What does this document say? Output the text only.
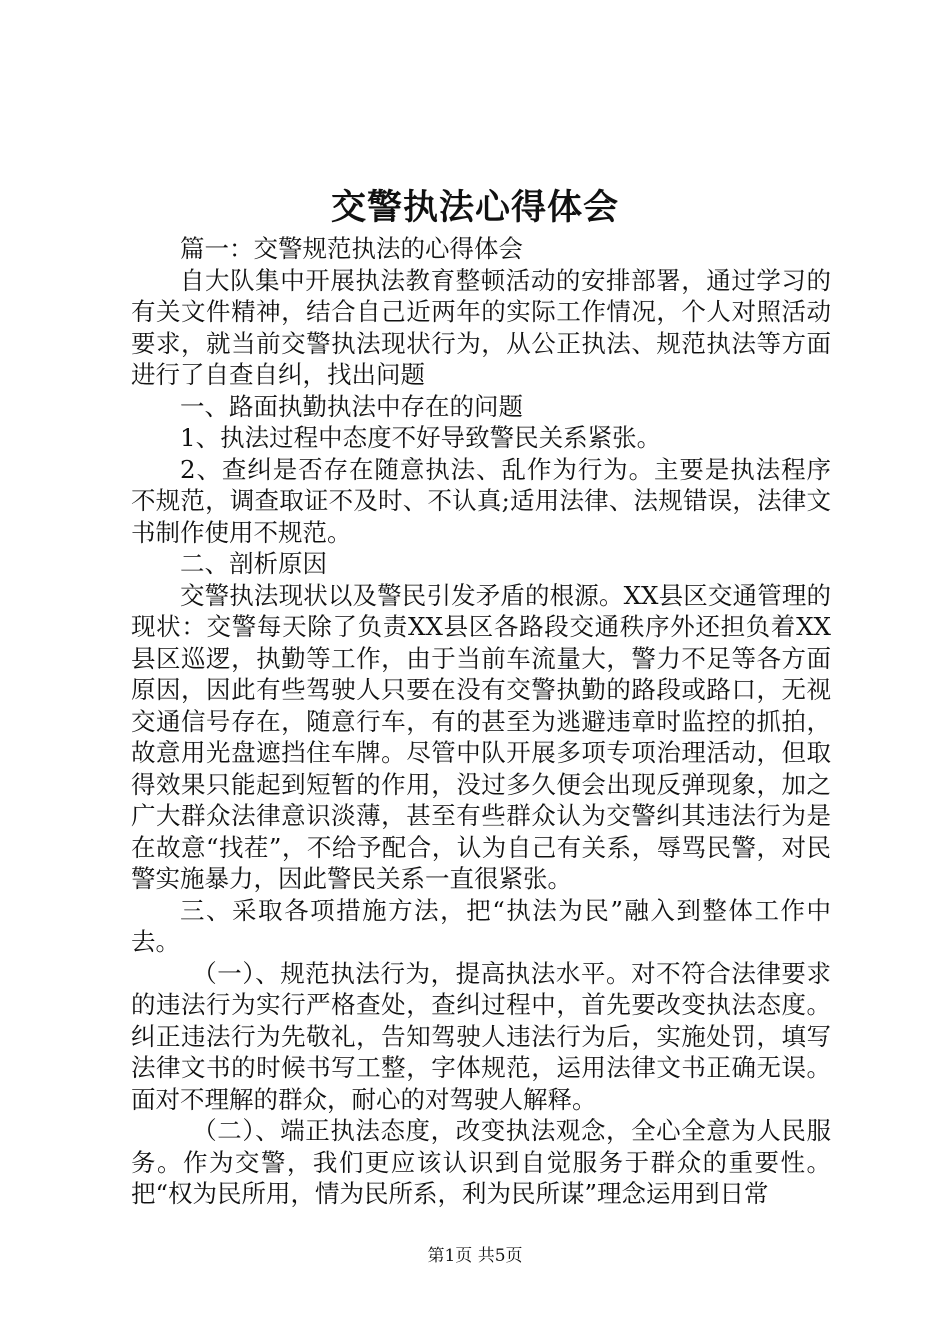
交警执法心得体会

篇一：交警规范执法的心得体会

自大队集中开展执法教育整顿活动的安排部署，通过学习的有关文件精神，结合自己近两年的实际工作情况，个人对照活动要求，就当前交警执法现状行为，从公正执法、规范执法等方面进行了自查自纠，找出问题

一、路面执勤执法中存在的问题

1、执法过程中态度不好导致警民关系紧张。

2、查纠是否存在随意执法、乱作为行为。主要是执法程序不规范，调查取证不及时、不认真;适用法律、法规错误，法律文书制作使用不规范。

二、剖析原因

交警执法现状以及警民引发矛盾的根源。XX县区交通管理的现状：交警每天除了负责XX县区各路段交通秩序外还担负着XX县区巡逻，执勤等工作，由于当前车流量大，警力不足等各方面原因，因此有些驾驶人只要在没有交警执勤的路段或路口，无视交通信号存在，随意行车，有的甚至为逃避违章时监控的抓拍，故意用光盘遮挡住车牌。尽管中队开展多项专项治理活动，但取得效果只能起到短暂的作用，没过多久便会出现反弹现象，加之广大群众法律意识淡薄，甚至有些群众认为交警纠其违法行为是在故意“找茬”，不给予配合，认为自己有关系，辱骂民警，对民警实施暴力，因此警民关系一直很紧张。

三、采取各项措施方法，把“执法为民”融入到整体工作中去。

（一）、规范执法行为，提高执法水平。对不符合法律要求的违法行为实行严格查处，查纠过程中，首先要改变执法态度。纠正违法行为先敬礼，告知驾驶人违法行为后，实施处罚，填写法律文书的时候书写工整，字体规范，运用法律文书正确无误。面对不理解的群众，耐心的对驾驶人解释。

（二）、端正执法态度，改变执法观念，全心全意为人民服务。作为交警，我们更应该认识到自觉服务于群众的重要性。把“权为民所用，情为民所系，利为民所谋”理念运用到日常

第1页 共5页
